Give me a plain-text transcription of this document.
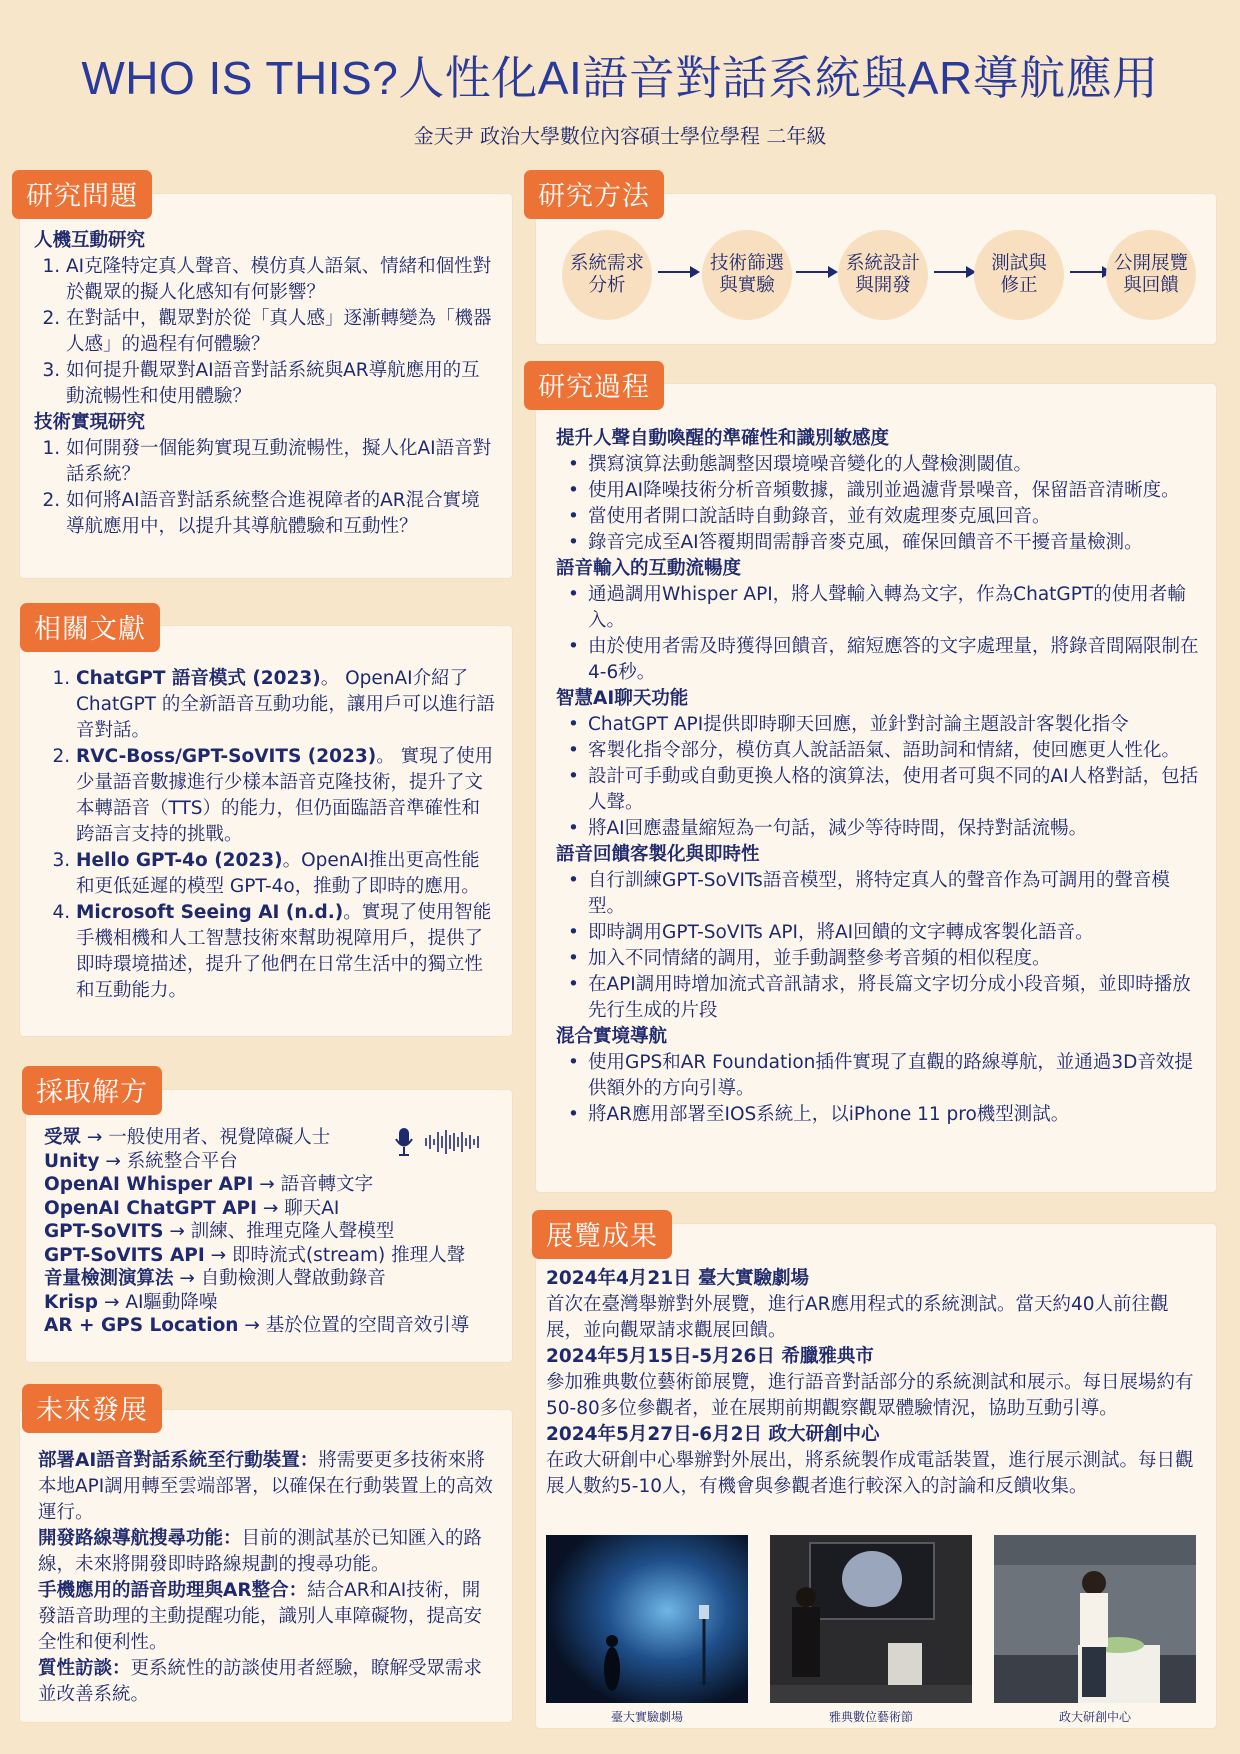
WHO IS THIS?人性化AI語音對話系統與AR導航應用
金天尹 政治大學數位內容碩士學位學程 二年級
研究問題
人機互動研究
1. AI克隆特定真人聲音、模仿真人語氣、情緒和個性對於觀眾的擬人化感知有何影響？
2. 在對話中，觀眾對於從「真人感」逐漸轉變為「機器人感」的過程有何體驗？
3. 如何提升觀眾對AI語音對話系統與AR導航應用的互動流暢性和使用體驗？
技術實現研究
1. 如何開發一個能夠實現互動流暢性，擬人化AI語音對話系統？
2. 如何將AI語音對話系統整合進視障者的AR混合實境導航應用中，以提升其導航體驗和互動性？
相關文獻
1. ChatGPT 語音模式 (2023)。 OpenAI介紹了ChatGPT 的全新語音互動功能，讓用戶可以進行語音對話。
2. RVC-Boss/GPT-SoVITS (2023)。 實現了使用少量語音數據進行少樣本語音克隆技術，提升了文本轉語音（TTS）的能力，但仍面臨語音準確性和跨語言支持的挑戰。
3. Hello GPT-4o (2023)。OpenAI推出更高性能和更低延遲的模型 GPT-4o，推動了即時的應用。
4. Microsoft Seeing AI (n.d.)。實現了使用智能手機相機和人工智慧技術來幫助視障用戶，提供了即時環境描述，提升了他們在日常生活中的獨立性和互動能力。
採取解方
受眾 → 一般使用者、視覺障礙人士
Unity → 系統整合平台
OpenAI Whisper API → 語音轉文字
OpenAI ChatGPT API → 聊天AI
GPT-SoVITS → 訓練、推理克隆人聲模型
GPT-SoVITS API → 即時流式(stream) 推理人聲
音量檢測演算法 → 自動檢測人聲啟動錄音
Krisp → AI驅動降噪
AR + GPS Location → 基於位置的空間音效引導
未來發展
部署AI語音對話系統至行動裝置：將需要更多技術來將本地API調用轉至雲端部署，以確保在行動裝置上的高效運行。
開發路線導航搜尋功能：目前的測試基於已知匯入的路線，未來將開發即時路線規劃的搜尋功能。
手機應用的語音助理與AR整合：結合AR和AI技術，開發語音助理的主動提醒功能，識別人車障礙物，提高安全性和便利性。
質性訪談：更系統性的訪談使用者經驗，瞭解受眾需求並改善系統。
研究方法
系統需求
分析
技術篩選
與實驗
系統設計
與開發
測試與
修正
公開展覽
與回饋
研究過程
提升人聲自動喚醒的準確性和識別敏感度
• 撰寫演算法動態調整因環境噪音變化的人聲檢測閾值。
• 使用AI降噪技術分析音頻數據，識別並過濾背景噪音，保留語音清晰度。
• 當使用者開口說話時自動錄音，並有效處理麥克風回音。
• 錄音完成至AI答覆期間需靜音麥克風，確保回饋音不干擾音量檢測。
語音輸入的互動流暢度
• 通過調用Whisper API，將人聲輸入轉為文字，作為ChatGPT的使用者輸入。
• 由於使用者需及時獲得回饋音，縮短應答的文字處理量，將錄音間隔限制在4-6秒。
智慧AI聊天功能
• ChatGPT API提供即時聊天回應，並針對討論主題設計客製化指令
• 客製化指令部分，模仿真人說話語氣、語助詞和情緒，使回應更人性化。
• 設計可手動或自動更換人格的演算法，使用者可與不同的AI人格對話，包括人聲。
• 將AI回應盡量縮短為一句話，減少等待時間，保持對話流暢。
語音回饋客製化與即時性
• 自行訓練GPT-SoVITs語音模型，將特定真人的聲音作為可調用的聲音模型。
• 即時調用GPT-SoVITs API，將AI回饋的文字轉成客製化語音。
• 加入不同情緒的調用，並手動調整參考音頻的相似程度。
• 在API調用時增加流式音訊請求，將長篇文字切分成小段音頻，並即時播放先行生成的片段
混合實境導航
• 使用GPS和AR Foundation插件實現了直觀的路線導航，並通過3D音效提供額外的方向引導。
• 將AR應用部署至IOS系統上，以iPhone 11 pro機型測試。
展覽成果
2024年4月21日 臺大實驗劇場
首次在臺灣舉辦對外展覽，進行AR應用程式的系統測試。當天約40人前往觀展，並向觀眾請求觀展回饋。
2024年5月15日-5月26日 希臘雅典市
參加雅典數位藝術節展覽，進行語音對話部分的系統測試和展示。每日展場約有50-80多位參觀者，並在展期前期觀察觀眾體驗情況，協助互動引導。
2024年5月27日-6月2日 政大研創中心
在政大研創中心舉辦對外展出，將系統製作成電話裝置，進行展示測試。每日觀展人數約5-10人，有機會與參觀者進行較深入的討論和反饋收集。
臺大實驗劇場	雅典數位藝術節	政大研創中心
